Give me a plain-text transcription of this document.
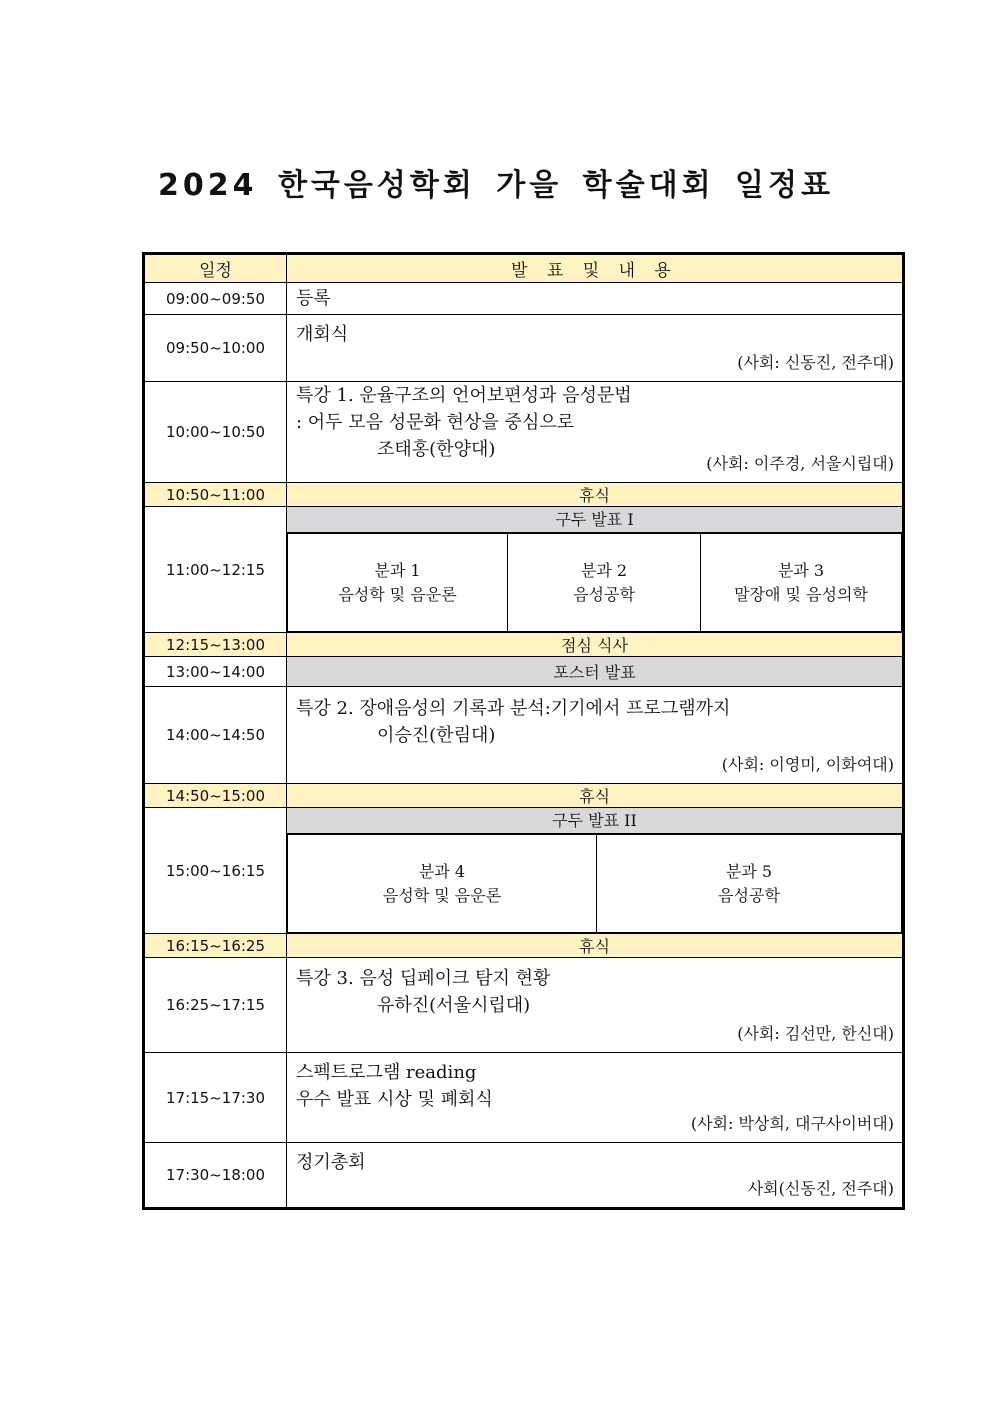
2024 한국음성학회 가을 학술대회 일정표
일정	발 표 및 내 용
09:00~09:50	등록

09:50~10:00	
개회식
(사회: 신동진, 전주대)

10:00~10:50	
특강 1. 운율구조의 언어보편성과 음성문법
: 어두 모음 성문화 현상을 중심으로
조태홍(한양대)
(사회: 이주경, 서울시립대)

10:50~11:00	휴식
11:00~12:15	
구두 발표 I
분과 1
음성학 및 음운론

분과 2
음성공학

분과 3
말장애 및 음성의학

12:15~13:00	점심 식사
13:00~14:00	포스터 발표
14:00~14:50	
특강 2. 장애음성의 기록과 분석:기기에서 프로그램까지
이승진(한림대)
(사회: 이영미, 이화여대)

14:50~15:00	휴식
15:00~16:15	
구두 발표 II
분과 4
음성학 및 음운론

분과 5
음성공학

16:15~16:25	휴식
16:25~17:15	
특강 3. 음성 딥페이크 탐지 현황
유하진(서울시립대)
(사회: 김선만, 한신대)

17:15~17:30	
스펙트로그램 reading
우수 발표 시상 및 폐회식
(사회: 박상희, 대구사이버대)

17:30~18:00	
정기총회
사회(신동진, 전주대)
